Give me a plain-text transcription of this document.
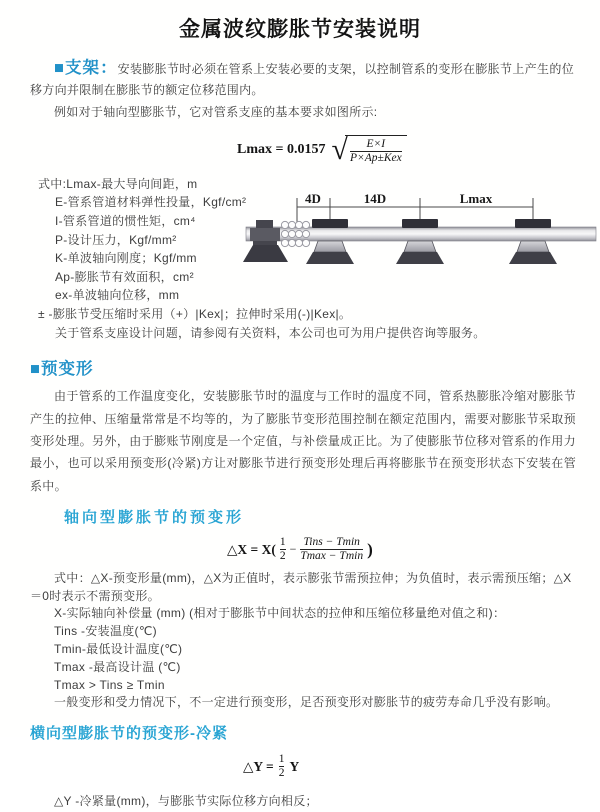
金属波纹膨胀节安装说明

■支架：安装膨胀节时必须在管系上安装必要的支架，以控制管系的变形在膨胀节上产生的位移方向并限制在膨胀节的额定位移范围内。

例如对于轴向型膨胀节，它对管系支座的基本要求如图所示:

Lmax = 0.0157 √ $\frac{E\times I}{\text{P×Ap±Kex}}$

式中:Lmax-最大导向间距，m

E-管系管道材料弹性投量，Kgf/cm²

I-管系管道的惯性矩，cm⁴

P-设计压力，Kgf/mm²

K-单波轴向刚度；Kgf/mm

Ap-膨胀节有效面积，cm²

ex-单波轴向位移，mm

± -膨胀节受压缩时采用（+）|Kex|；拉伸时采用(-)|Kex|。

关于管系支座设计问题，请参阅有关资料，本公司也可为用户提供咨询等服务。

4D	14D	Lmax
■预变形

由于管系的工作温度变化，安装膨胀节时的温度与工作时的温度不同，管系热膨胀冷缩对膨胀节产生的拉伸、压缩量常常是不均等的，为了膨胀节变形范围控制在额定范围内，需要对膨胀节采取预变形处理。另外，由于膨账节刚度是一个定值，与补偿量成正比。为了使膨胀节位移对管系的作用力最小，也可以采用预变形(冷紧)方让对膨胀节进行预变形处理后再将膨胀节在预变形状态下安装在管系中。

轴向型膨胀节的预变形
△X = $X( \frac{1}{2} - \frac{\text{Tins − Tmin}}{Tmax - Tmin}$ )

式中：△X-预变形量(mm)，△X为正值时，表示膨张节需预拉伸；为负值时，表示需预压缩；△X＝0时表示不需预变形。

X-实际轴向补偿量 (mm) (相对于膨胀节中间状态的拉伸和压缩位移量绝对值之和)：

Tins -安装温度(℃)

Tmin-最低设计温度(℃)

Tmax -最高设计温 (℃)

Tmax > Tins ≥ Tmin

一般变形和受力情况下，不一定进行预变形，足否预变形对膨胀节的疲劳寿命几乎没有影响。

横向型膨胀节的预变形-冷紧
△Y = $\frac{1}{2}$ Y

△Y -冷紧量(mm)，与膨胀节实际位移方向相反；
